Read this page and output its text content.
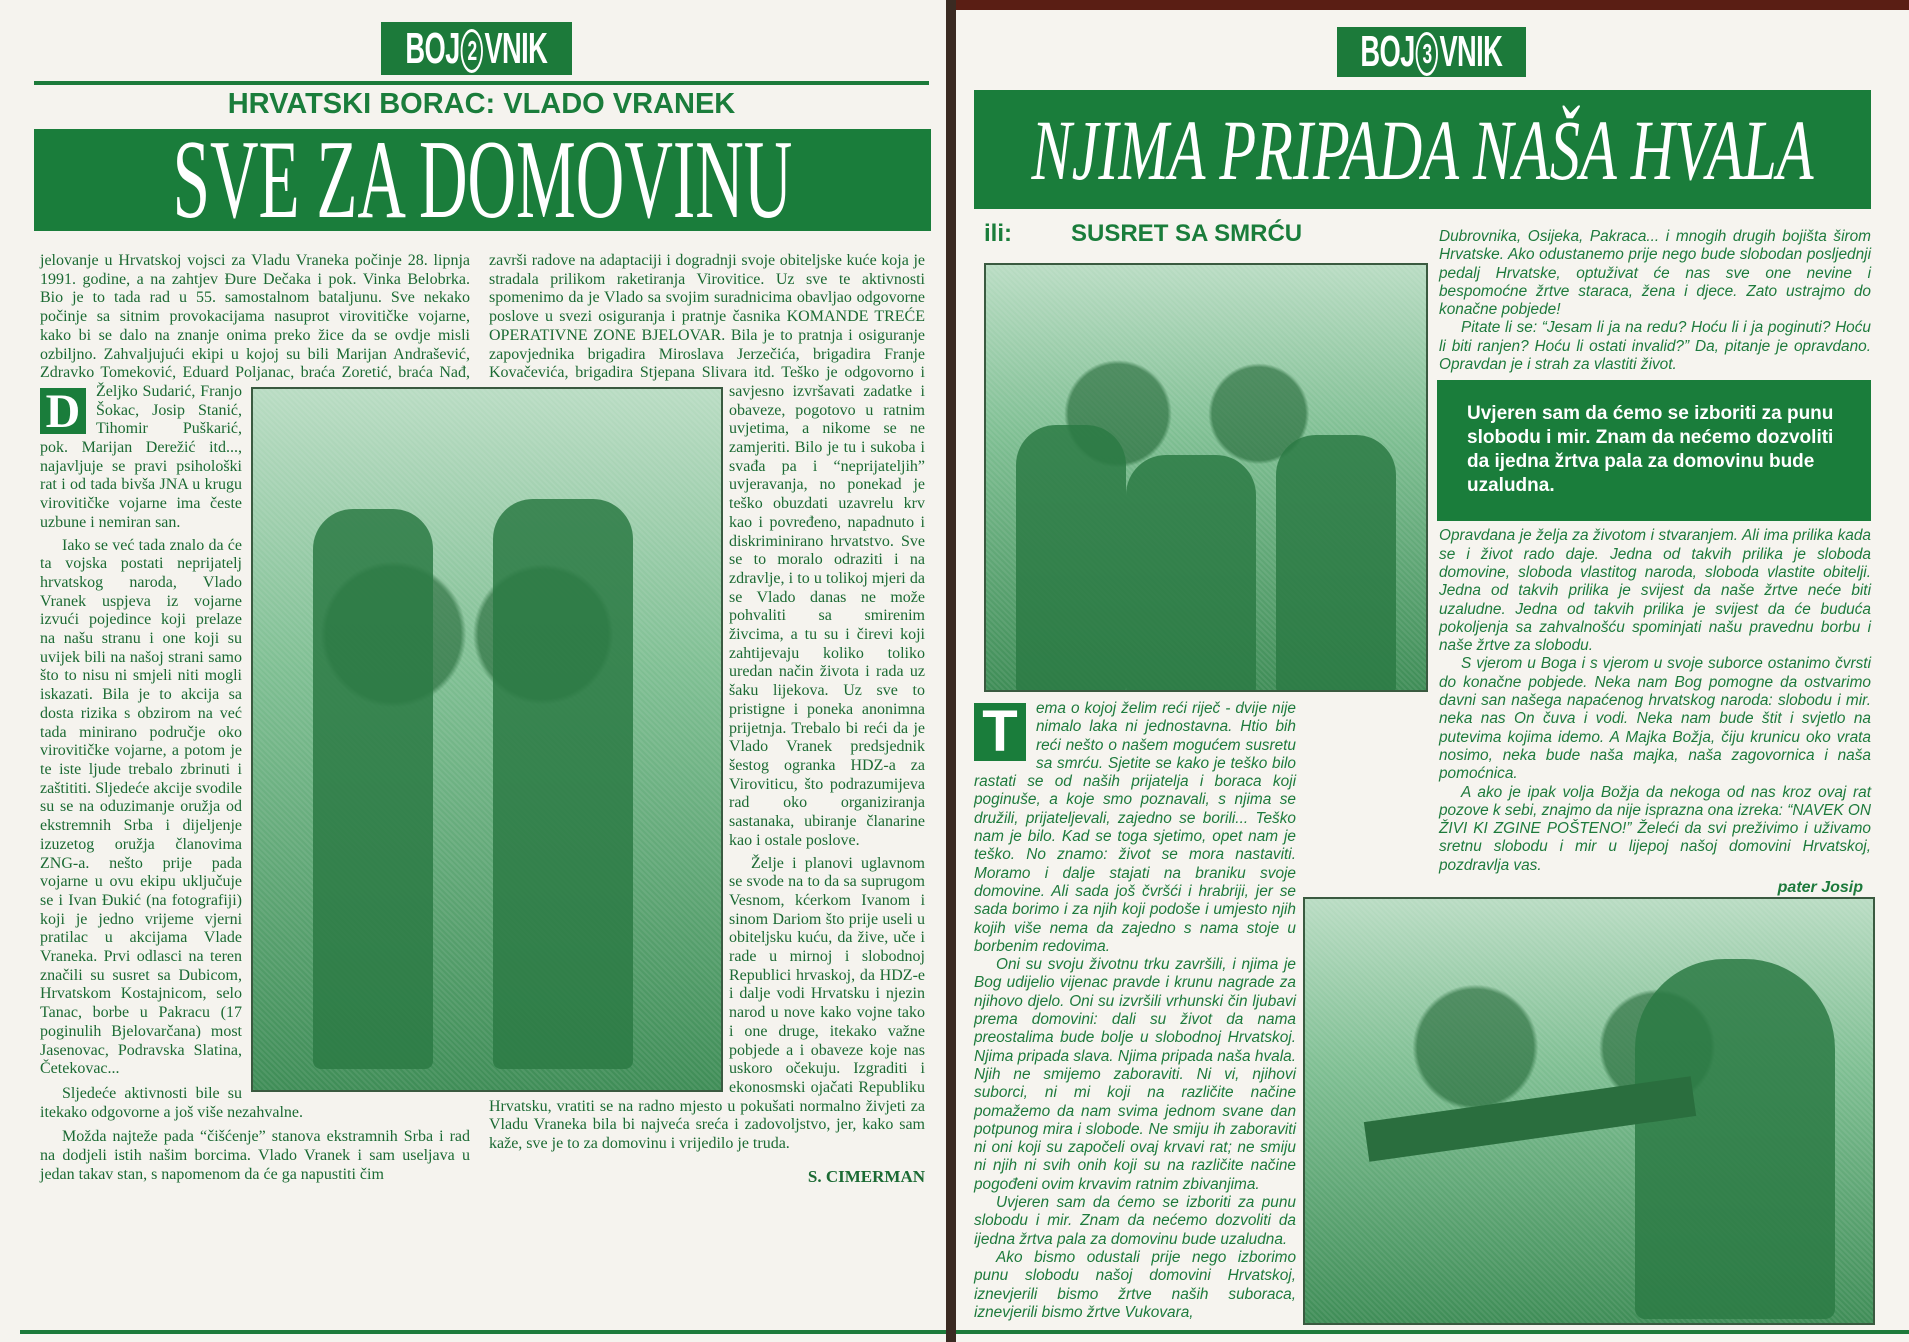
BOJ 2 VNIK
HRVATSKI BORAC: VLADO VRANEK
SVE ZA DOMOVINU
D

jelovanje u Hrvatskoj vojsci za Vladu Vraneka počinje 28. lipnja 1991. godine, a na zahtjev Đure Dečaka i pok. Vinka Belobrka. Bio je to tada rad u 55. samostalnom bataljunu. Sve nekako počinje sa sitnim provokacijama nasuprot virovitičke vojarne, kako bi se dalo na znanje onima preko žice da se ovdje misli ozbiljno. Zahvaljujući ekipi u kojoj su bili Marijan Andrašević, Zdravko Tomeković, Eduard Poljanac, braća Zoretić, braća Nađ, Željko Sudarić, Franjo Šokac, Josip Stanić, Tihomir Puškarić, pok. Marijan Derežić itd..., najavljuje se pravi psihološki rat i od tada bivša JNA u krugu virovitičke vojarne ima česte uzbune i nemiran san.

Iako se već tada znalo da će ta vojska postati neprijatelj hrvatskog naroda, Vlado Vranek uspjeva iz vojarne izvući pojedince koji prelaze na našu stranu i one koji su uvijek bili na našoj strani samo što to nisu ni smjeli niti mogli iskazati. Bila je to akcija sa dosta rizika s obzirom na već tada minirano područje oko virovitičke vojarne, a potom je te iste ljude trebalo zbrinuti i zaštititi. Sljedeće akcije svodile su se na oduzimanje oružja od ekstremnih Srba i dijeljenje izuzetog oružja članovima ZNG-a. nešto prije pada vojarne u ovu ekipu uključuje se i Ivan Đukić (na fotografiji) koji je jedno vrijeme vjerni pratilac u akcijama Vlade Vraneka. Prvi odlasci na teren značili su susret sa Dubicom, Hrvatskom Kostajnicom, selo Tanac, borbe u Pakracu (17 poginulih Bjelovarčana) most Jasenovac, Podravska Slatina, Četekovac...

Sljedeće aktivnosti bile su itekako odgovorne a još više nezahvalne.

Možda najteže pada “čišćenje” stanova ekstramnih Srba i rad na dodjeli istih našim borcima. Vlado Vranek i sam useljava u jedan takav stan, s napomenom da će ga napustiti čim

završi radove na adaptaciji i dogradnji svoje obiteljske kuće koja je stradala prilikom raketiranja Virovitice. Uz sve te aktivnosti spomenimo da je Vlado sa svojim suradnicima obavljao odgovorne poslove u svezi osiguranja i pratnje časnika KOMANDE TREĆE OPERATIVNE ZONE BJELOVAR. Bila je to pratnja i osiguranje zapovjednika brigadira Miroslava Jerzečića, brigadira Franje Kovačevića, brigadira Stjepana Slivara itd. Teško je odgovorno i savjesno izvršavati zadatke i obaveze, pogotovo u ratnim uvjetima, a nikome se ne zamjeriti. Bilo je tu i sukoba i svađa pa i “neprijateljih” uvjeravanja, no ponekad je teško obuzdati uzavrelu krv kao i povređeno, napadnuto i diskriminirano hrvatstvo. Sve se to moralo odraziti i na zdravlje, i to u tolikoj mjeri da se Vlado danas ne može pohvaliti sa smirenim živcima, a tu su i čirevi koji zahtijevaju koliko toliko uredan način života i rada uz šaku lijekova. Uz sve to pristigne i poneka anonimna prijetnja. Trebalo bi reći da je Vlado Vranek predsjednik šestog ogranka HDZ-a za Viroviticu, što podrazumijeva rad oko organiziranja sastanaka, ubiranje članarine kao i ostale poslove.

Želje i planovi uglavnom se svode na to da sa suprugom Vesnom, kćerkom Ivanom i sinom Dariom što prije useli u obiteljsku kuću, da žive, uče i rade u mirnoj i slobodnoj Republici hrvaskoj, da HDZ-e i dalje vodi Hrvatsku i njezin narod u nove kako vojne tako i one druge, itekako važne pobjede a i obaveze koje nas uskoro očekuju. Izgraditi i ekonosmski ojačati Republiku Hrvatsku, vratiti se na radno mjesto u pokušati normalno živjeti za Vladu Vraneka bila bi najveća sreća i zadovoljstvo, jer, kako sam kaže, sve je to za domovinu i vrijedilo je truda.

S. CIMERMAN
BOJ 3 VNIK
NJIMA PRIPADA NAŠA HVALA
ili: SUSRET SA SMRĆU	Dubrovnika, Osijeka, Pakraca... i mnogih drugih bojišta širom Hrvatske. Ako odustanemo prije nego bude slobodan posljednji pedalj Hrvatske, optuživat će nas sve one nevine i bespomoćne žrtve staraca, žena i djece. Zato ustrajmo do konačne pobjede!

Pitate li se: “Jesam li ja na redu? Hoću li i ja poginuti? Hoću li biti ranjen? Hoću li ostati invalid?” Da, pitanje je opravdano. Opravdan je i strah za vlastiti život.

Uvjeren sam da ćemo se izboriti za punu slobodu i mir. Znam da nećemo dozvoliti da ijedna žrtva pala za domovinu bude uzaludna.

Opravdana je želja za životom i stvaranjem. Ali ima prilika kada se i život rado daje. Jedna od takvih prilika je sloboda domovine, sloboda vlastitog naroda, sloboda vlastite obitelji. Jedna od takvih prilika je svijest da naše žrtve neće biti uzaludne. Jedna od takvih prilika je svijest da će buduća pokoljenja sa zahvalnošću spominjati našu pravednu borbu i naše žrtve za slobodu.

S vjerom u Boga i s vjerom u svoje suborce ostanimo čvrsti do konačne pobjede. Neka nam Bog pomogne da ostvarimo davni san našega napaćenog hrvatskog naroda: slobodu i mir. neka nas On čuva i vodi. Neka nam bude štit i svjetlo na putevima kojima idemo. A Majka Božja, čiju krunicu oko vrata nosimo, neka bude naša majka, naša zagovornica i naša pomoćnica.

A ako je ipak volja Božja da nekoga od nas kroz ovaj rat pozove k sebi, znajmo da nije isprazna ona izreka: “NAVEK ON ŽIVI KI ZGINE POŠTENO!” Želeći da svi preživimo i uživamo sretnu slobodu i mir u lijepoj našoj domovini Hrvatskoj, pozdravlja vas.

pater Josip
T	ema o kojoj želim reći riječ - dvije nije nimalo laka ni jednostavna. Htio bih reći nešto o našem mogućem susretu sa smrću. Sjetite se kako je teško bilo rastati se od naših prijatelja i boraca koji poginuše, a koje smo poznavali, s njima se družili, prijateljevali, zajedno se borili... Teško nam je bilo. Kad se toga sjetimo, opet nam je teško. No znamo: život se mora nastaviti. Moramo i dalje stajati na braniku svoje domovine. Ali sada još čvršći i hrabriji, jer se sada borimo i za njih koji podoše i umjesto njih kojih više nema da zajedno s nama stoje u borbenim redovima.

Oni su svoju životnu trku završili, i njima je Bog udijelio vijenac pravde i krunu nagrade za njihovo djelo. Oni su izvršili vrhunski čin ljubavi prema domovini: dali su život da nama preostalima bude bolje u slobodnoj Hrvatskoj. Njima pripada slava. Njima pripada naša hvala. Njih ne smijemo zaboraviti. Ni vi, njihovi suborci, ni mi koji na različite načine pomažemo da nam svima jednom svane dan potpunog mira i slobode. Ne smiju ih zaboraviti ni oni koji su započeli ovaj krvavi rat; ne smiju ni njih ni svih onih koji su na različite načine pogođeni ovim krvavim ratnim zbivanjima.

Uvjeren sam da ćemo se izboriti za punu slobodu i mir. Znam da nećemo dozvoliti da ijedna žrtva pala za domovinu bude uzaludna.

Ako bismo odustali prije nego izborimo punu slobodu našoj domovini Hrvatskoj, iznevjerili bismo žrtve naših suboraca, iznevjerili bismo žrtve Vukovara,
